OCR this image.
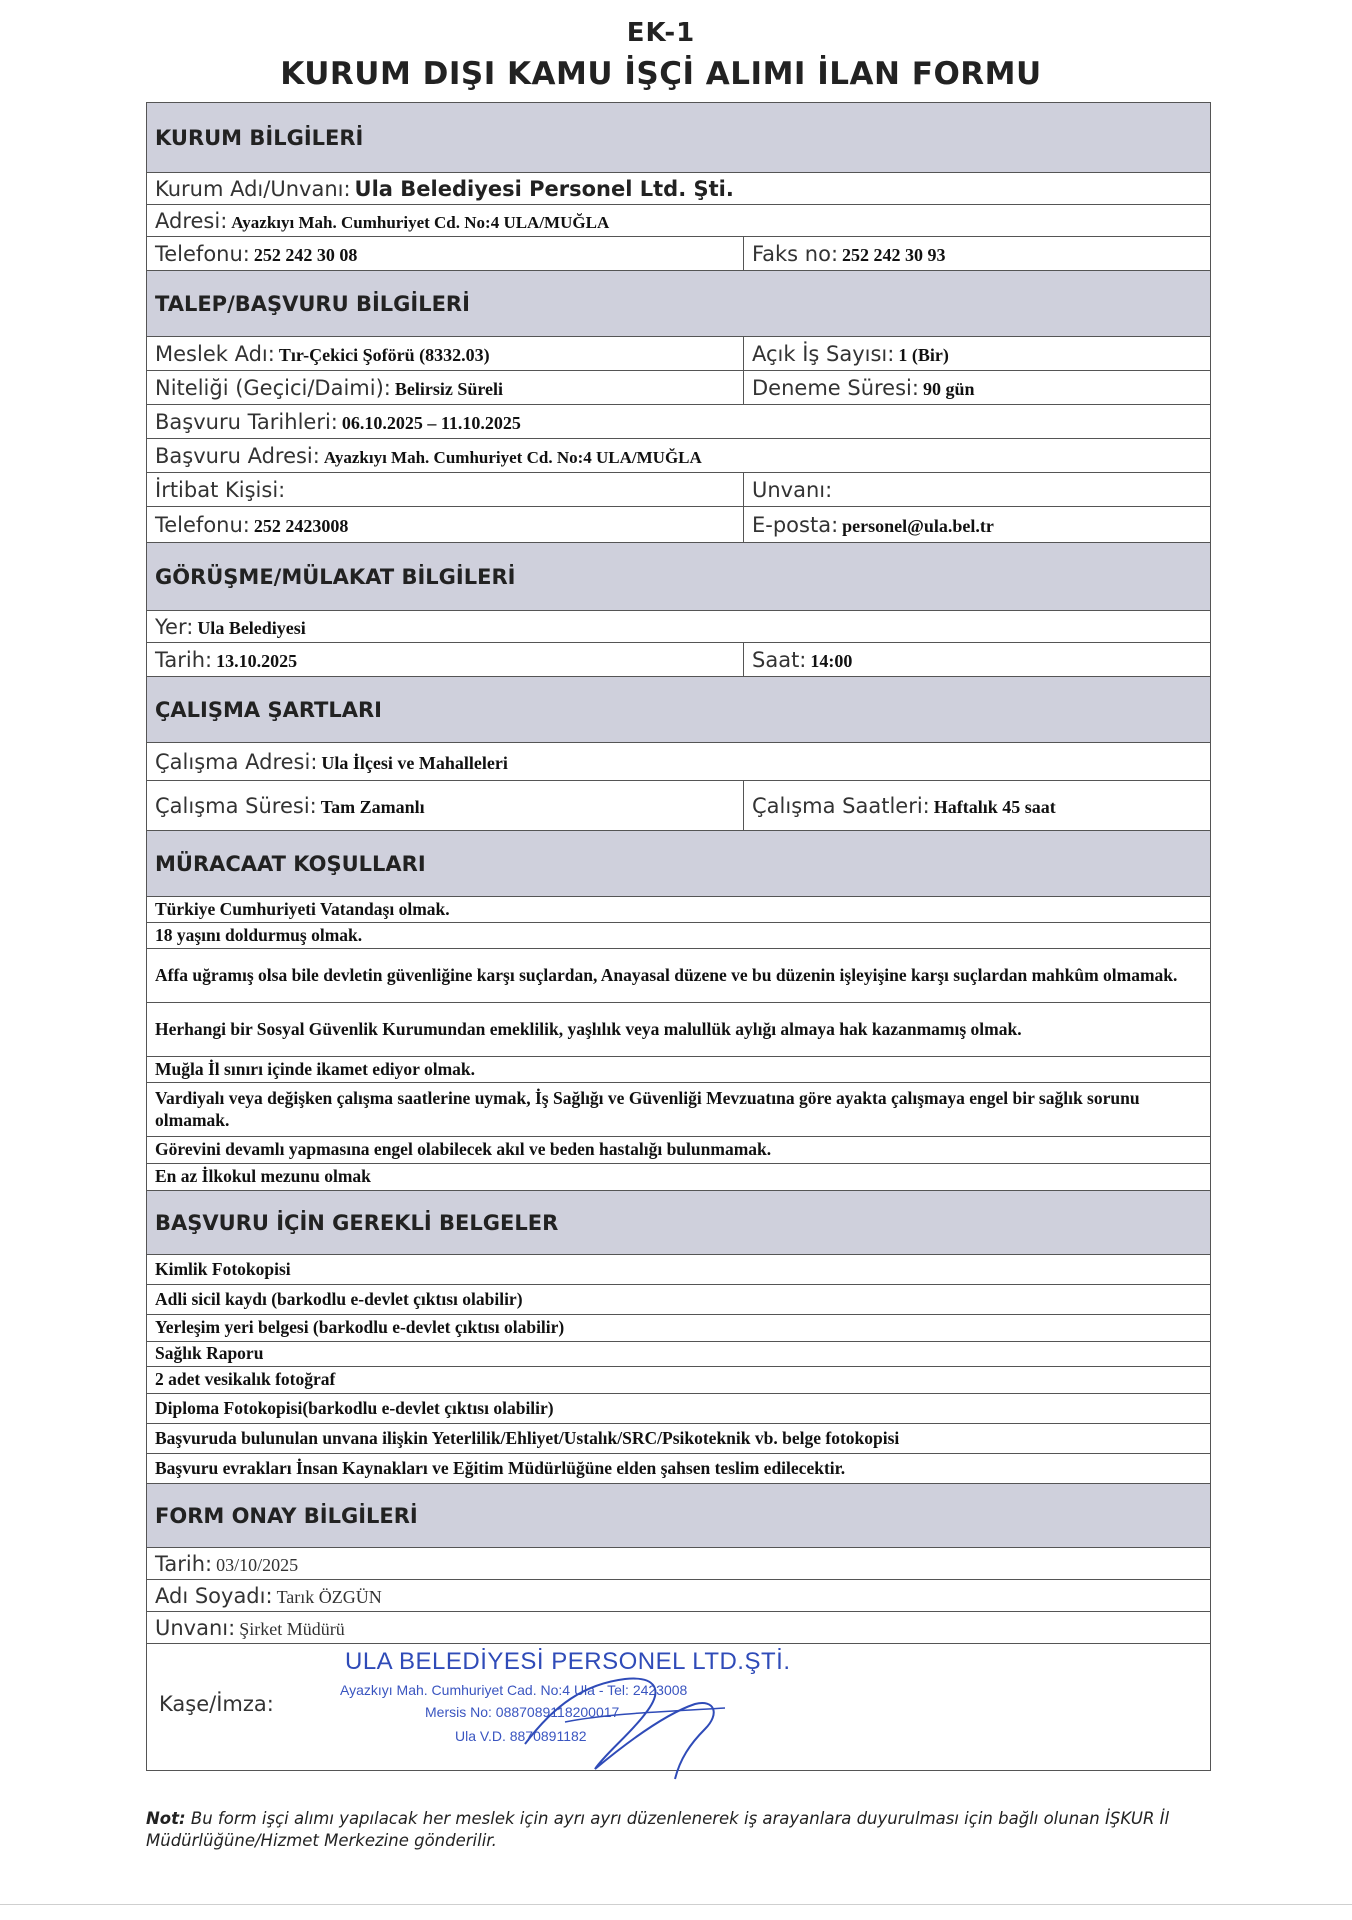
EK-1
KURUM DIŞI KAMU İŞÇİ ALIMI İLAN FORMU
KURUM BİLGİLERİ	
Kurum Adı/Unvanı: Ula Belediyesi Personel Ltd. Şti.	
Adresi: Ayazkıyı Mah. Cumhuriyet Cd. No:4 ULA/MUĞLA	
Telefonu: 252 242 30 08	Faks no: 252 242 30 93
TALEP/BAŞVURU BİLGİLERİ	
Meslek Adı: Tır-Çekici Şoförü (8332.03)	Açık İş Sayısı: 1 (Bir)
Niteliği (Geçici/Daimi): Belirsiz Süreli	Deneme Süresi: 90 gün
Başvuru Tarihleri: 06.10.2025 – 11.10.2025	
Başvuru Adresi: Ayazkıyı Mah. Cumhuriyet Cd. No:4 ULA/MUĞLA	
İrtibat Kişisi:	Unvanı:
Telefonu: 252 2423008	E-posta: personel@ula.bel.tr
GÖRÜŞME/MÜLAKAT BİLGİLERİ	
Yer: Ula Belediyesi	
Tarih: 13.10.2025	Saat: 14:00
ÇALIŞMA ŞARTLARI	
Çalışma Adresi: Ula İlçesi ve Mahalleleri	
Çalışma Süresi: Tam Zamanlı	Çalışma Saatleri: Haftalık 45 saat
MÜRACAAT KOŞULLARI	
Türkiye Cumhuriyeti Vatandaşı olmak.	
18 yaşını doldurmuş olmak.	
Affa uğramış olsa bile devletin güvenliğine karşı suçlardan, Anayasal düzene ve bu düzenin işleyişine karşı suçlardan mahkûm olmamak.	
Herhangi bir Sosyal Güvenlik Kurumundan emeklilik, yaşlılık veya malullük aylığı almaya hak kazanmamış olmak.	
Muğla İl sınırı içinde ikamet ediyor olmak.	
Vardiyalı veya değişken çalışma saatlerine uymak, İş Sağlığı ve Güvenliği Mevzuatına göre ayakta çalışmaya engel bir sağlık sorunu olmamak.	
Görevini devamlı yapmasına engel olabilecek akıl ve beden hastalığı bulunmamak.	
En az İlkokul mezunu olmak	
BAŞVURU İÇİN GEREKLİ BELGELER	
Kimlik Fotokopisi	
Adli sicil kaydı (barkodlu e-devlet çıktısı olabilir)	
Yerleşim yeri belgesi (barkodlu e-devlet çıktısı olabilir)	
Sağlık Raporu	
2 adet vesikalık fotoğraf	
Diploma Fotokopisi(barkodlu e-devlet çıktısı olabilir)	
Başvuruda bulunulan unvana ilişkin Yeterlilik/Ehliyet/Ustalık/SRC/Psikoteknik vb. belge fotokopisi	
Başvuru evrakları İnsan Kaynakları ve Eğitim Müdürlüğüne elden şahsen teslim edilecektir.	
FORM ONAY BİLGİLERİ	
Tarih: 03/10/2025	
Adı Soyadı: Tarık ÖZGÜN	
Unvanı: Şirket Müdürü	

Kaşe/İmza:
ULA BELEDİYESİ PERSONEL LTD.ŞTİ.
Ayazkıyı Mah. Cumhuriyet Cad. No:4 Ula - Tel: 2423008
Mersis No: 0887089118200017
Ula V.D. 8870891182	
Not: Bu form işçi alımı yapılacak her meslek için ayrı ayrı düzenlenerek iş arayanlara duyurulması için bağlı olunan İŞKUR İl Müdürlüğüne/Hizmet Merkezine gönderilir.
